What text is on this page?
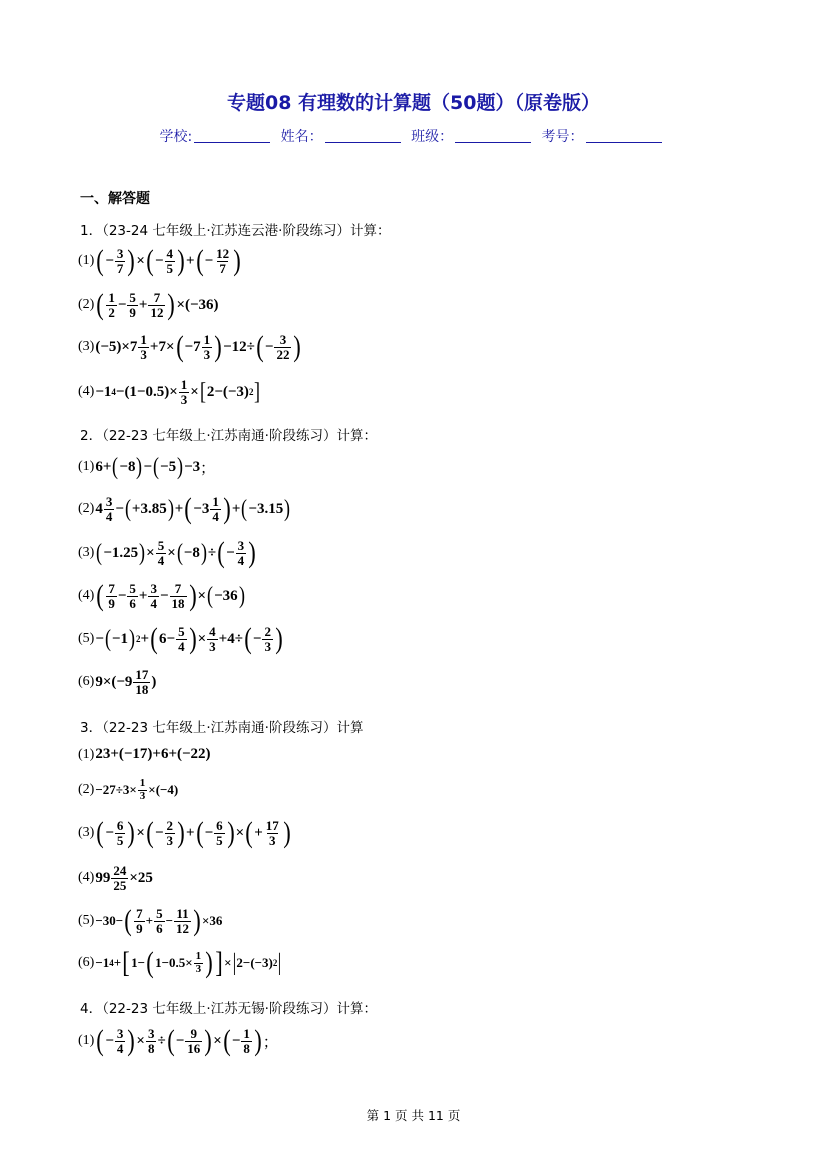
专题08 有理数的计算题（50题）（原卷版）
学校:	姓名：	班级：	考号：
一、解答题
1．（23-24 七年级上·江苏连云港·阶段练习）计算：
(1) ( − 3
7 ) × ( − 4
5 ) + ( − 12
7 )
(2) ( 1
2 − 5
9 + 7
12 ) ×(−36)
(3) (−5)×7 1
3 +7× ( −7 1
3 ) −12÷ ( − 3
22 )
(4) −1 4 −(1−0.5)× 1
3 × [ 2−(−3) 2 ]
2．（22-23 七年级上·江苏南通·阶段练习）计算：
(1) 6+ ( −8 ) − ( −5 ) −3 ；
(2) 4 3
4 − ( +3.85 ) + ( −3 1
4 ) + ( −3.15 )
(3) ( −1.25 ) × 5
4 × ( −8 ) ÷ ( − 3
4 )
(4) ( 7
9 − 5
6 + 3
4 − 7
18 ) × ( −36 )
(5) − ( −1 ) 2 + ( 6− 5
4 ) × 4
3 +4÷ ( − 2
3 )
(6) 9×(−9 17
18 )
3．（22-23 七年级上·江苏南通·阶段练习）计算
(1) 23+(−17)+6+(−22)
(2) −27÷3× 1
3 ×(−4)
(3) ( − 6
5 ) × ( − 2
3 ) + ( − 6
5 ) × ( + 17
3 )
(4) 99 24
25 ×25
(5) −30− ( 7
9 + 5
6 − 11
12 ) ×36
(6) −1 4 + [ 1− ( 1−0.5× 1
3 ) ] × | 2−(−3) 2 |
4．（22-23 七年级上·江苏无锡·阶段练习）计算：
(1) ( − 3
4 ) × 3
8 ÷ ( − 9
16 ) × ( − 1
8 ) ；
第 1 页 共 11 页
